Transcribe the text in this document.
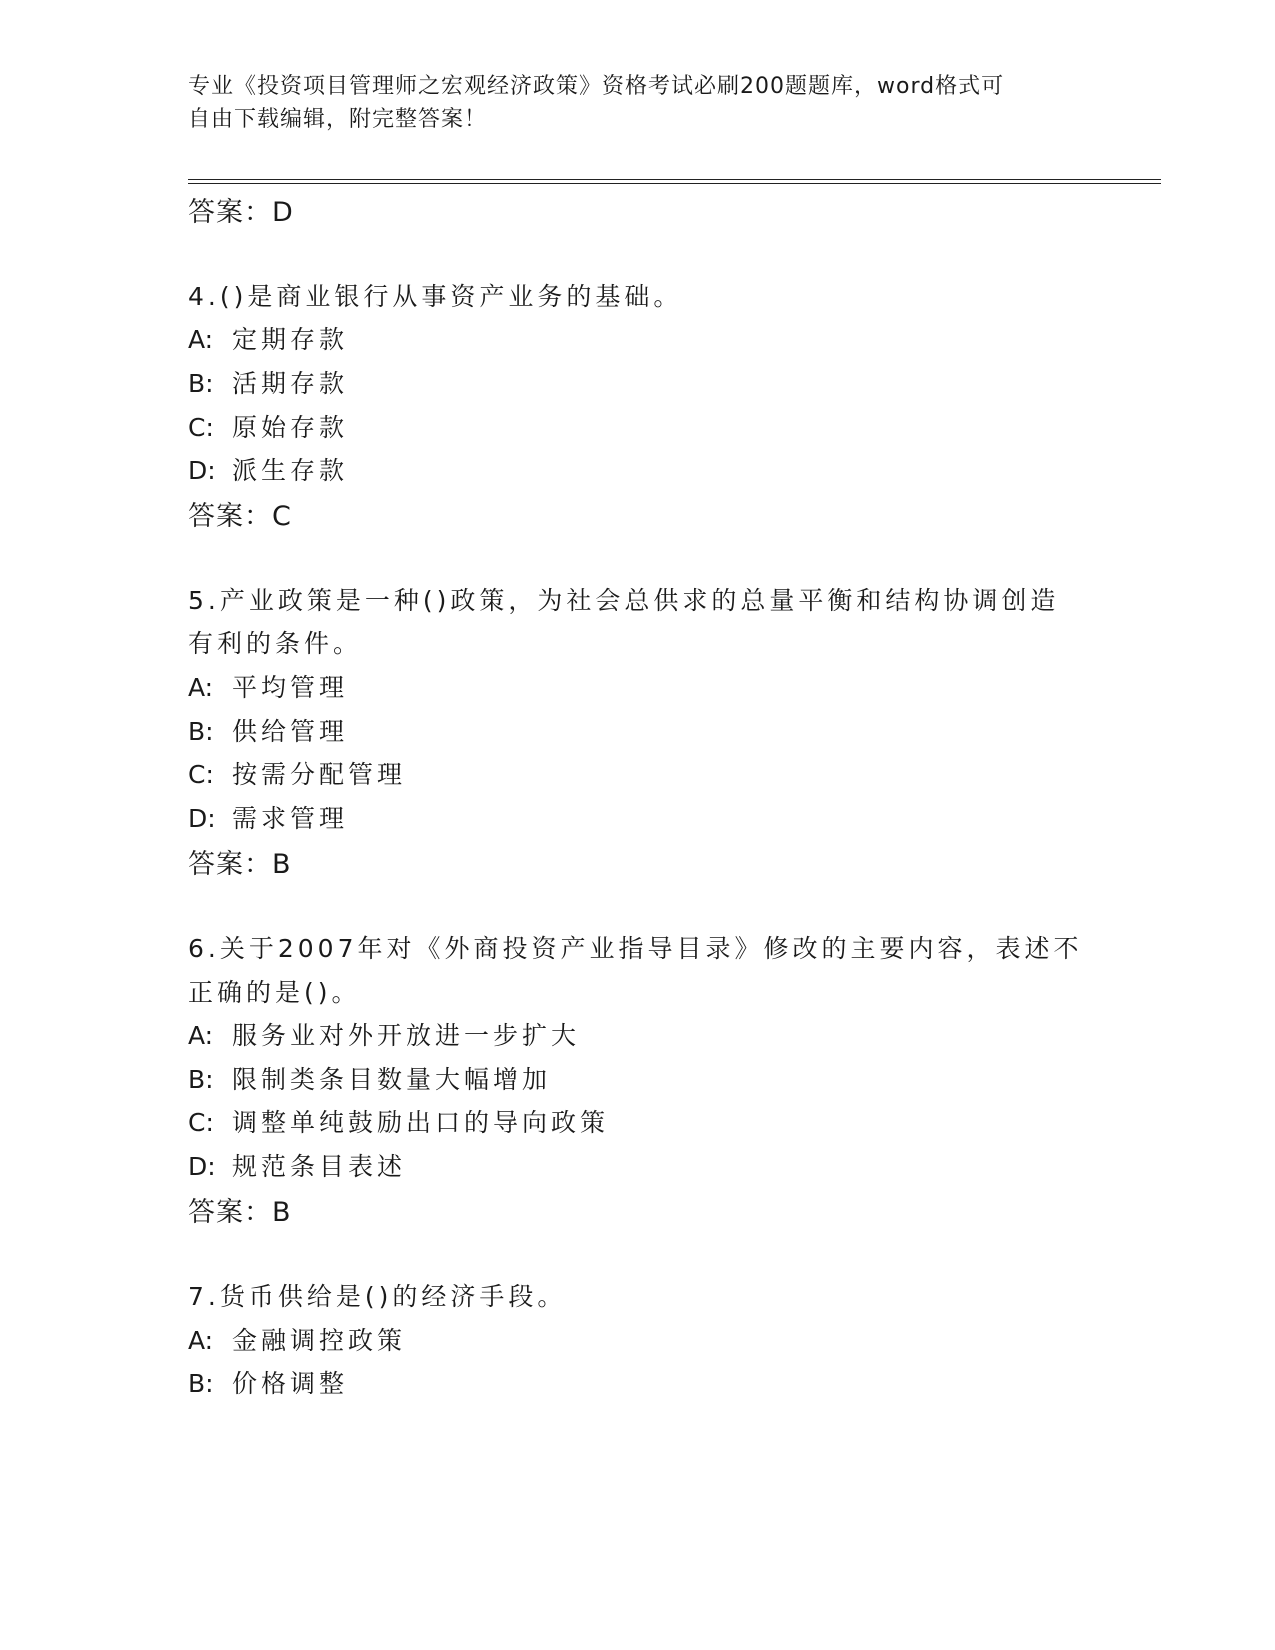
专业《投资项目管理师之宏观经济政策》资格考试必刷200题题库，word格式可
自由下载编辑，附完整答案！
答案：D
4.()是商业银行从事资产业务的基础。
A: 定期存款
B: 活期存款
C: 原始存款
D: 派生存款
答案：C
5.产业政策是一种()政策，为社会总供求的总量平衡和结构协调创造
有利的条件。
A: 平均管理
B: 供给管理
C: 按需分配管理
D: 需求管理
答案：B
6.关于2007年对《外商投资产业指导目录》修改的主要内容，表述不
正确的是()。
A: 服务业对外开放进一步扩大
B: 限制类条目数量大幅增加
C: 调整单纯鼓励出口的导向政策
D: 规范条目表述
答案：B
7.货币供给是()的经济手段。
A: 金融调控政策
B: 价格调整
